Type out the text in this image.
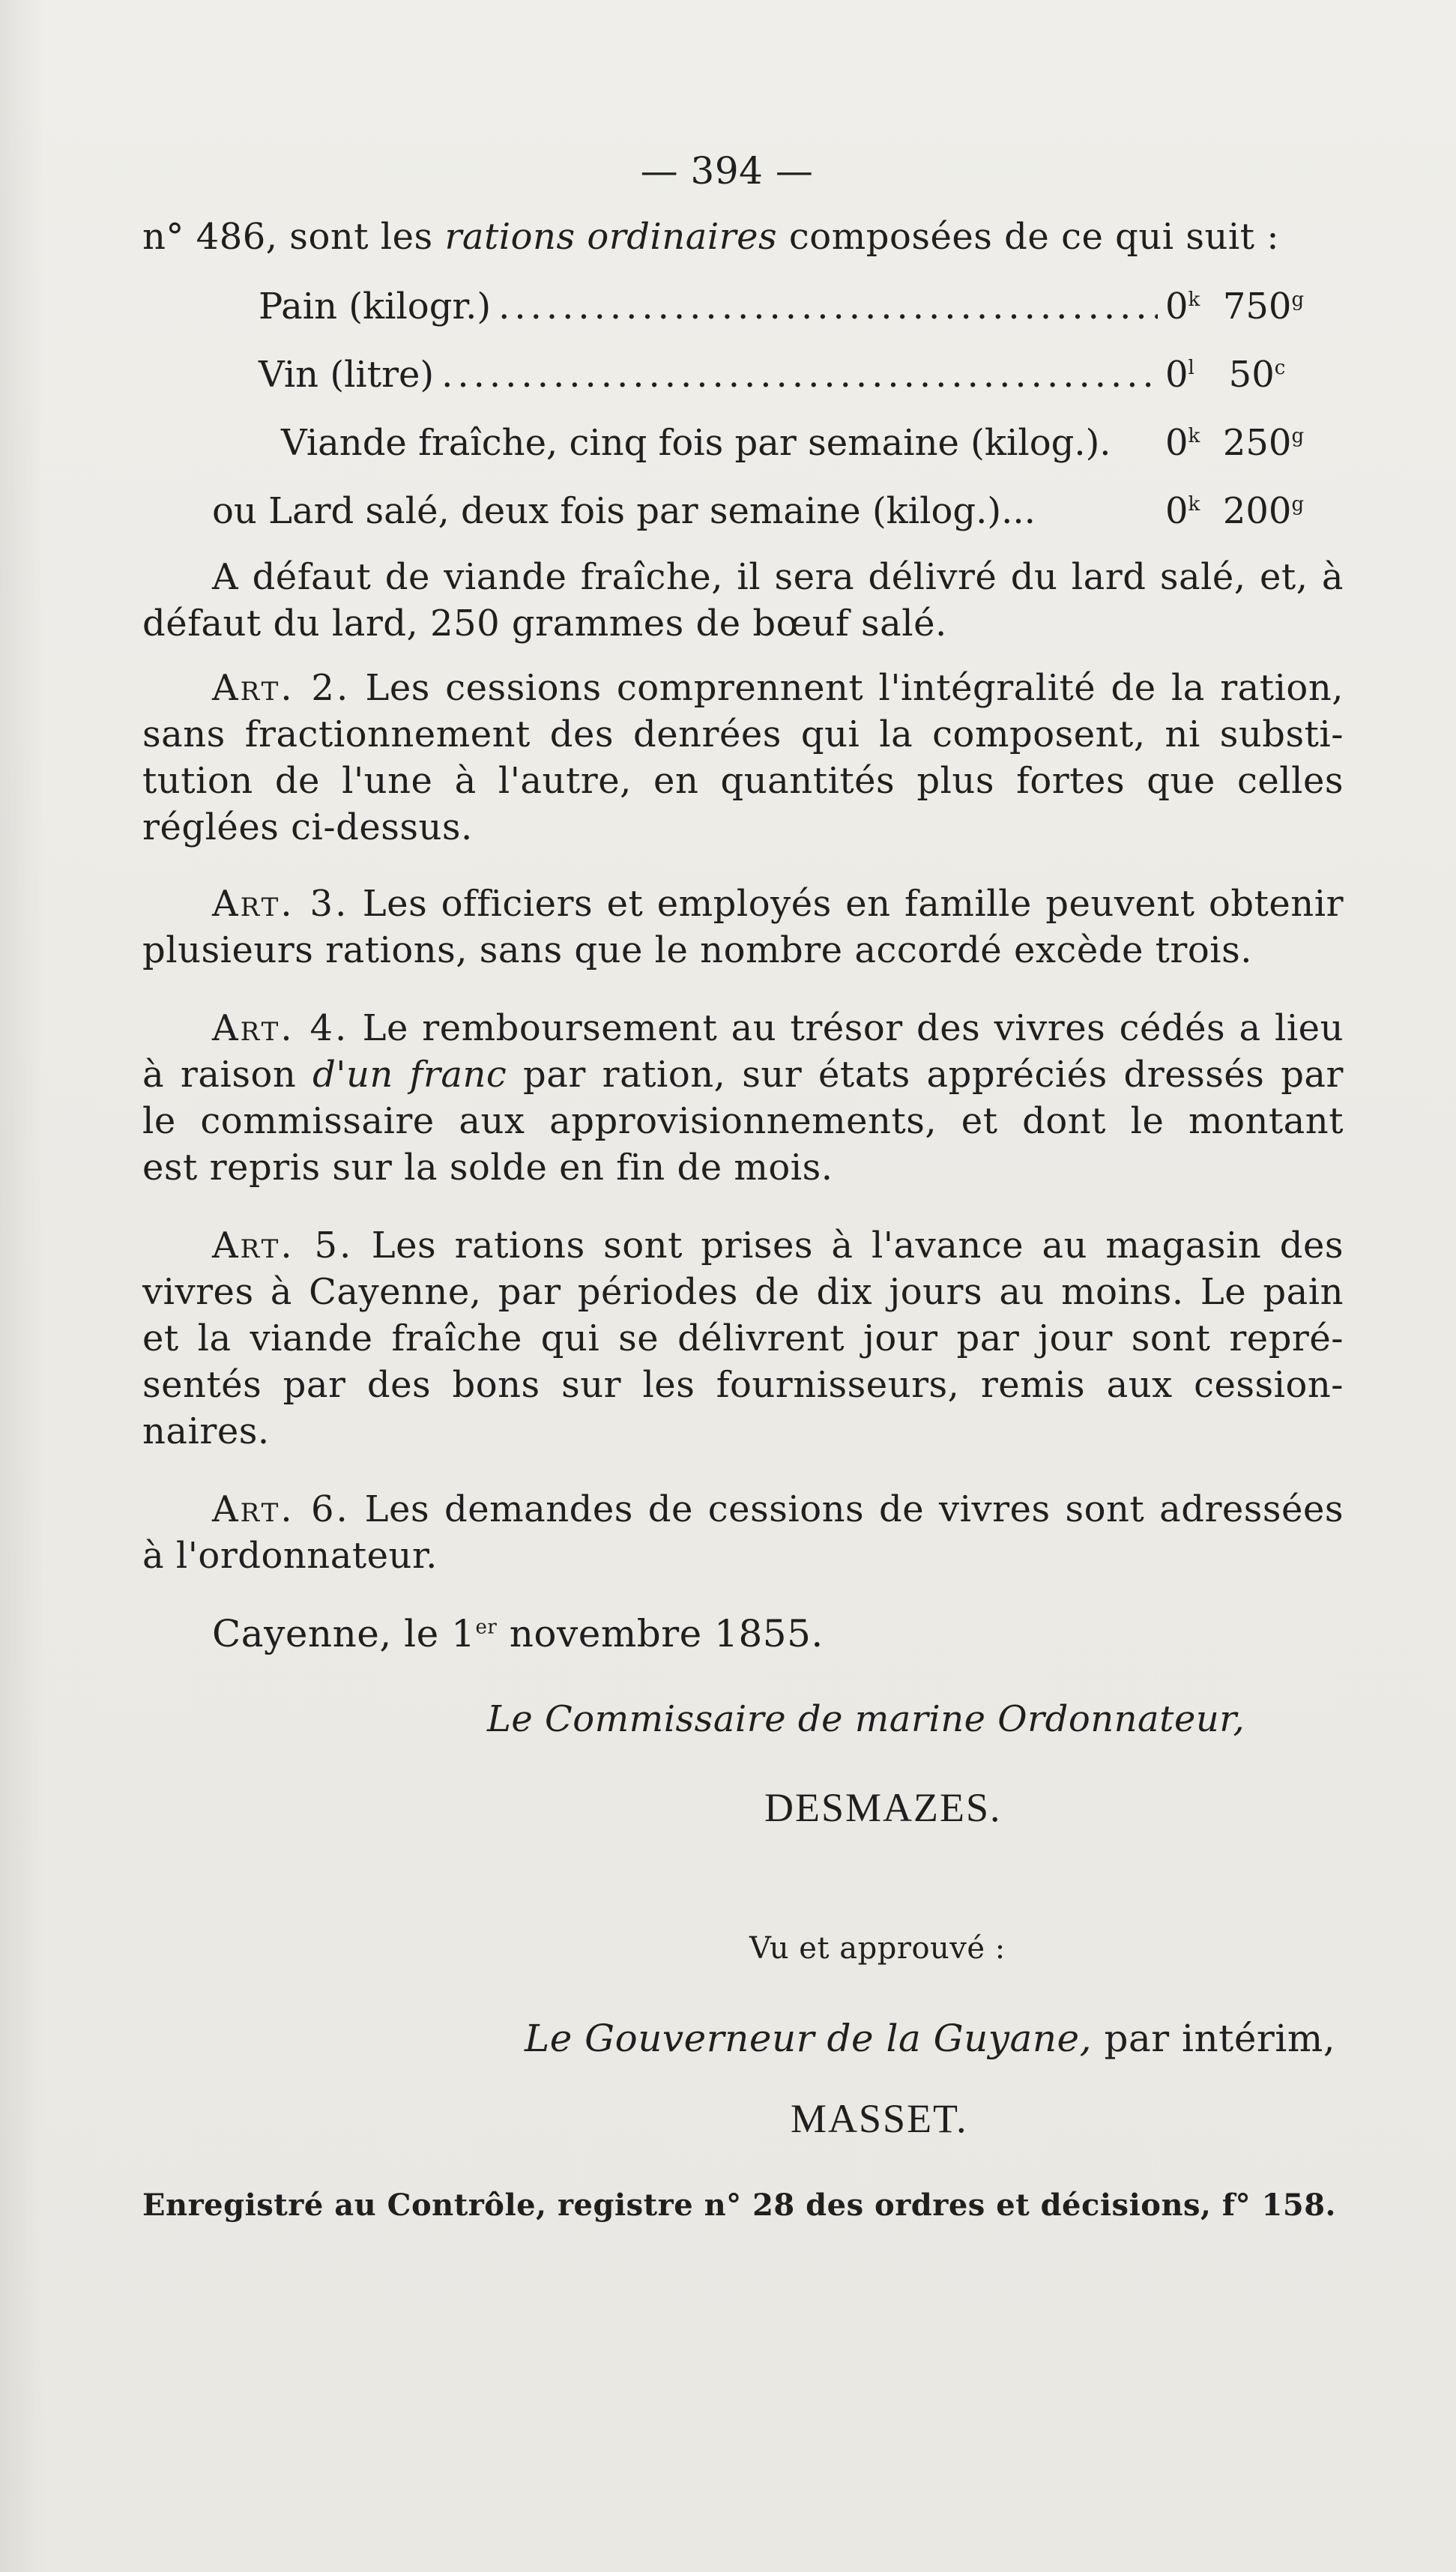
— 394 —
n° 486, sont les rations ordinaires composées de ce qui suit :
Pain (kilogr.) .....	0$^k$ 750$^g$
Vin (litre) .....	0$^l$ 50$^c$
Viande fraîche, cinq fois par semaine (kilog.). 0$^k$ 250$^g$
ou Lard salé, deux fois par semaine (kilog.)...	0$^k$ 200$^g$
A défaut de viande fraîche, il sera délivré du lard salé, et, à
défaut du lard, 250 grammes de bœuf salé.
Art. 2. Les cessions comprennent l'intégralité de la ration,
sans fractionnement des denrées qui la composent, ni substi-
tution de l'une à l'autre, en quantités plus fortes que celles
réglées ci-dessus.
Art. 3. Les officiers et employés en famille peuvent obtenir
plusieurs rations, sans que le nombre accordé excède trois.
Art. 4. Le remboursement au trésor des vivres cédés a lieu
à raison d'un franc par ration, sur états appréciés dressés par
le commissaire aux approvisionnements, et dont le montant
est repris sur la solde en fin de mois.
Art. 5. Les rations sont prises à l'avance au magasin des
vivres à Cayenne, par périodes de dix jours au moins. Le pain
et la viande fraîche qui se délivrent jour par jour sont repré-
sentés par des bons sur les fournisseurs, remis aux cession-
naires.
Art. 6. Les demandes de cessions de vivres sont adressées
à l'ordonnateur.
Cayenne, le 1er novembre 1855.
Le Commissaire de marine Ordonnateur,
DESMAZES.
Vu et approuvé :
Le Gouverneur de la Guyane, par intérim,
MASSET.
Enregistré au Contrôle, registre n° 28 des ordres et décisions, f° 158.
